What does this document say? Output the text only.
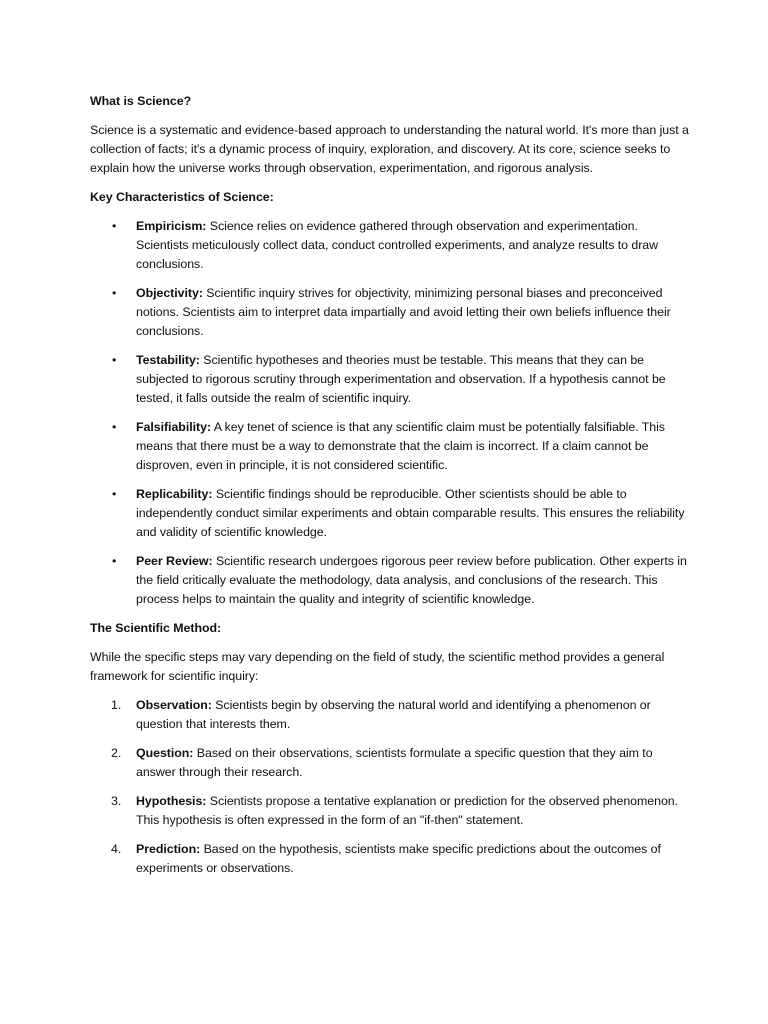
What is Science?

Science is a systematic and evidence-based approach to understanding the natural world. It's more than just a collection of facts; it's a dynamic process of inquiry, exploration, and discovery. At its core, science seeks to explain how the universe works through observation, experimentation, and rigorous analysis.

Key Characteristics of Science:
•	Empiricism: Science relies on evidence gathered through observation and experimentation. Scientists meticulously collect data, conduct controlled experiments, and analyze results to draw conclusions.
•	Objectivity: Scientific inquiry strives for objectivity, minimizing personal biases and preconceived notions. Scientists aim to interpret data impartially and avoid letting their own beliefs influence their conclusions.
•	Testability: Scientific hypotheses and theories must be testable. This means that they can be subjected to rigorous scrutiny through experimentation and observation. If a hypothesis cannot be tested, it falls outside the realm of scientific inquiry.
•	Falsifiability: A key tenet of science is that any scientific claim must be potentially falsifiable. This means that there must be a way to demonstrate that the claim is incorrect. If a claim cannot be disproven, even in principle, it is not considered scientific.
•	Replicability: Scientific findings should be reproducible. Other scientists should be able to independently conduct similar experiments and obtain comparable results. This ensures the reliability and validity of scientific knowledge.
•	Peer Review: Scientific research undergoes rigorous peer review before publication. Other experts in the field critically evaluate the methodology, data analysis, and conclusions of the research. This process helps to maintain the quality and integrity of scientific knowledge.
The Scientific Method:

While the specific steps may vary depending on the field of study, the scientific method provides a general framework for scientific inquiry:

1.	Observation: Scientists begin by observing the natural world and identifying a phenomenon or question that interests them.
2.	Question: Based on their observations, scientists formulate a specific question that they aim to answer through their research.
3.	Hypothesis: Scientists propose a tentative explanation or prediction for the observed phenomenon. This hypothesis is often expressed in the form of an "if-then" statement.
4.	Prediction: Based on the hypothesis, scientists make specific predictions about the outcomes of experiments or observations.
